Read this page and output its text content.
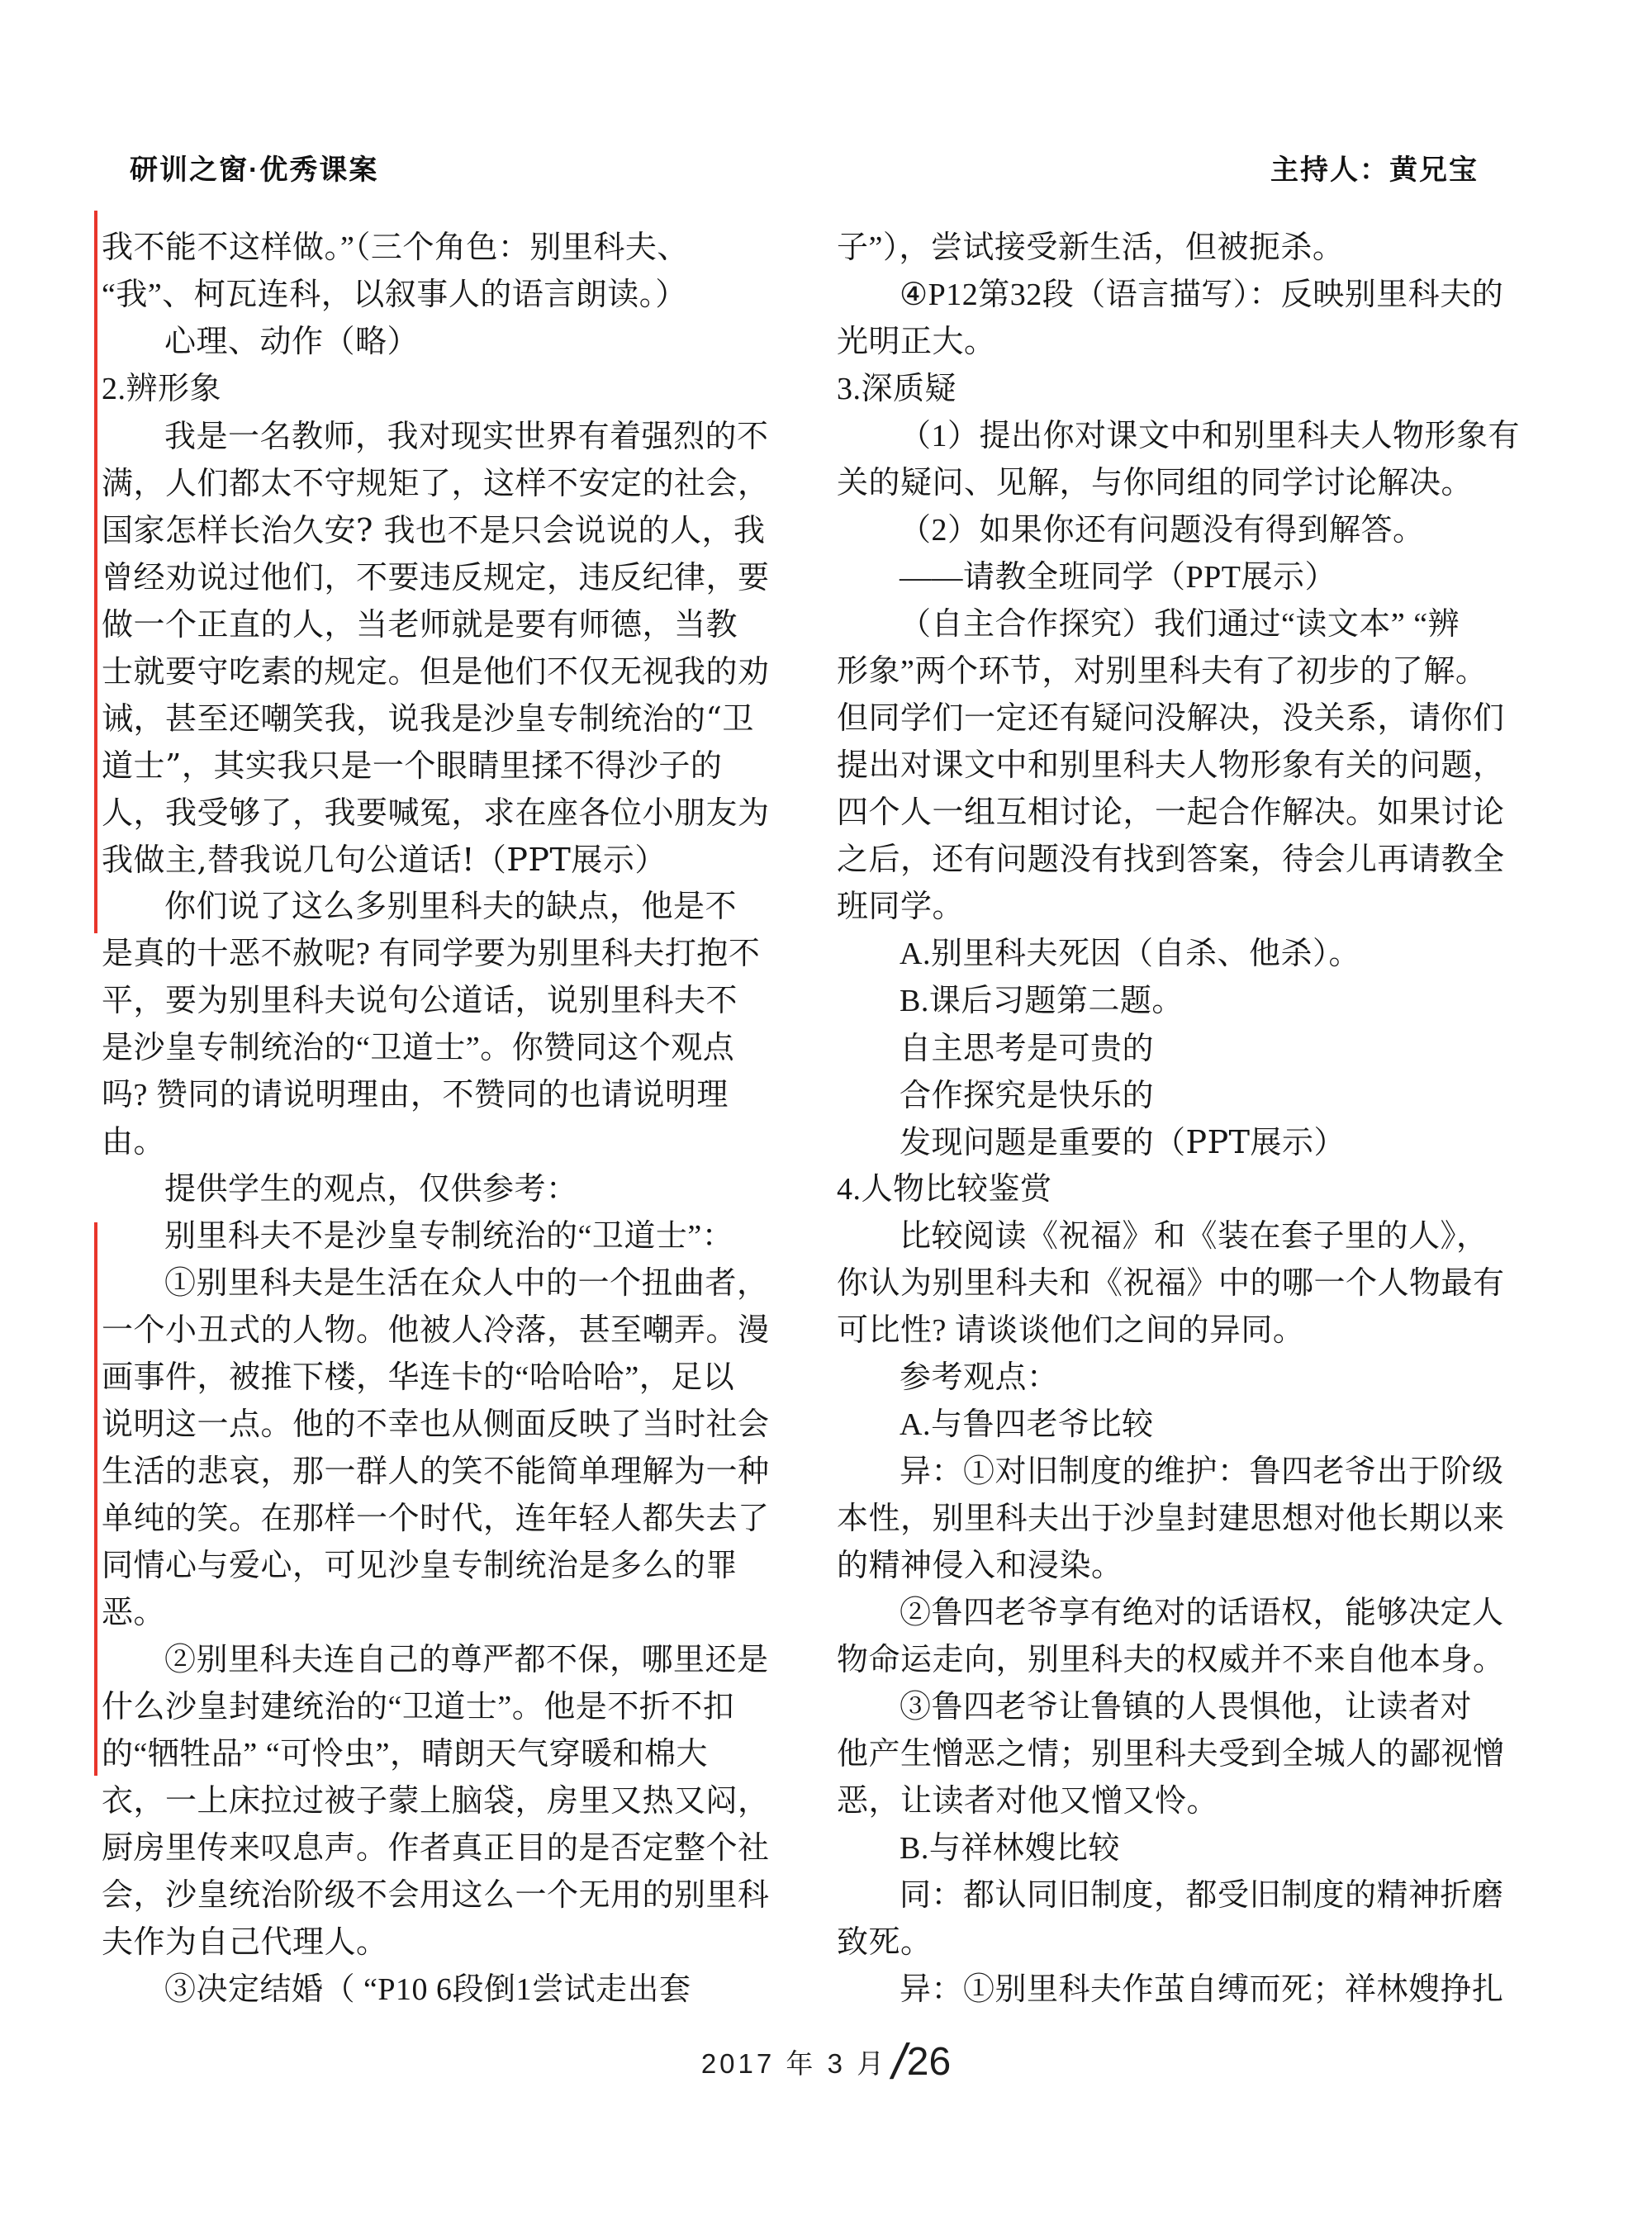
研训之窗·优秀课案	主持人：黄兄宝
我不能不这样做。”（三个角色：别里科夫、
“我”、柯瓦连科，以叙事人的语言朗读。）
心理、动作（略）
2.辨形象
我是一名教师，我对现实世界有着强烈的不
满，人们都太不守规矩了，这样不安定的社会，
国家怎样长治久安? 我也不是只会说说的人，我
曾经劝说过他们，不要违反规定，违反纪律，要
做一个正直的人，当老师就是要有师德，当教
士就要守吃素的规定。但是他们不仅无视我的劝
诫，甚至还嘲笑我，说我是沙皇专制统治的“卫
道士”，其实我只是一个眼睛里揉不得沙子的
人，我受够了，我要喊冤，求在座各位小朋友为
我做主,替我说几句公道话!（PPT展示）
你们说了这么多别里科夫的缺点，他是不
是真的十恶不赦呢? 有同学要为别里科夫打抱不
平，要为别里科夫说句公道话，说别里科夫不
是沙皇专制统治的“卫道士”。你赞同这个观点
吗? 赞同的请说明理由，不赞同的也请说明理
由。
提供学生的观点，仅供参考：
别里科夫不是沙皇专制统治的“卫道士”：
①别里科夫是生活在众人中的一个扭曲者，
一个小丑式的人物。他被人冷落，甚至嘲弄。漫
画事件，被推下楼，华连卡的“哈哈哈”，足以
说明这一点。他的不幸也从侧面反映了当时社会
生活的悲哀，那一群人的笑不能简单理解为一种
单纯的笑。在那样一个时代，连年轻人都失去了
同情心与爱心，可见沙皇专制统治是多么的罪
恶。
②别里科夫连自己的尊严都不保，哪里还是
什么沙皇封建统治的“卫道士”。他是不折不扣
的“牺牲品” “可怜虫”，晴朗天气穿暖和棉大
衣，一上床拉过被子蒙上脑袋，房里又热又闷，
厨房里传来叹息声。作者真正目的是否定整个社
会，沙皇统治阶级不会用这么一个无用的别里科
夫作为自己代理人。
③决定结婚（ “P10 6段倒1尝试走出套
子”），尝试接受新生活，但被扼杀。
④P12第32段（语言描写）：反映别里科夫的
光明正大。
3.深质疑
（1）提出你对课文中和别里科夫人物形象有
关的疑问、见解，与你同组的同学讨论解决。
（2）如果你还有问题没有得到解答。
——请教全班同学（PPT展示）
（自主合作探究）我们通过“读文本” “辨
形象”两个环节，对别里科夫有了初步的了解。
但同学们一定还有疑问没解决，没关系，请你们
提出对课文中和别里科夫人物形象有关的问题，
四个人一组互相讨论，一起合作解决。如果讨论
之后，还有问题没有找到答案，待会儿再请教全
班同学。
A.别里科夫死因（自杀、他杀）。
B.课后习题第二题。
自主思考是可贵的
合作探究是快乐的
发现问题是重要的（PPT展示）
4.人物比较鉴赏
比较阅读《祝福》和《装在套子里的人》，
你认为别里科夫和《祝福》中的哪一个人物最有
可比性? 请谈谈他们之间的异同。
参考观点：
A.与鲁四老爷比较
异：①对旧制度的维护：鲁四老爷出于阶级
本性，别里科夫出于沙皇封建思想对他长期以来
的精神侵入和浸染。
②鲁四老爷享有绝对的话语权，能够决定人
物命运走向，别里科夫的权威并不来自他本身。
③鲁四老爷让鲁镇的人畏惧他，让读者对
他产生憎恶之情；别里科夫受到全城人的鄙视憎
恶，让读者对他又憎又怜。
B.与祥林嫂比较
同：都认同旧制度，都受旧制度的精神折磨
致死。
异：①别里科夫作茧自缚而死；祥林嫂挣扎
2017 年 3 月 /26
